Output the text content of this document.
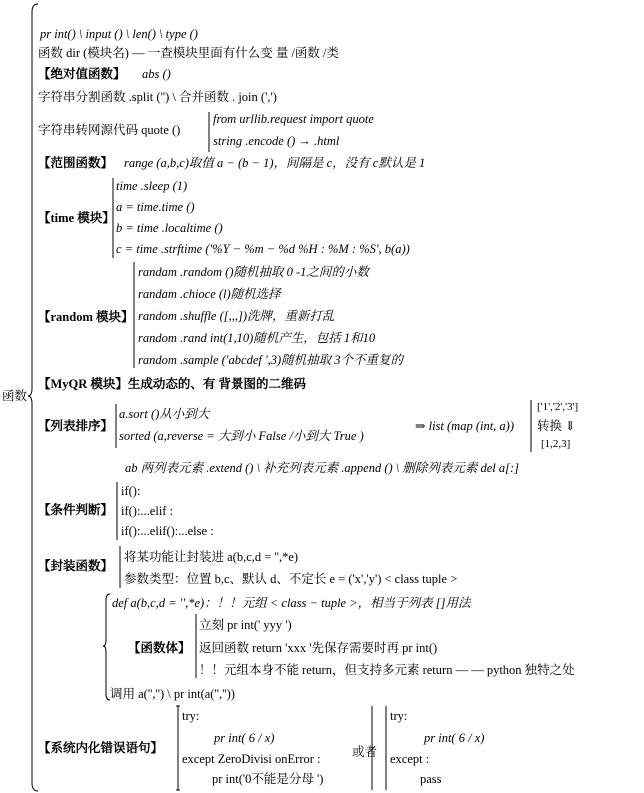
函数
pr int() \ input () \ len() \ type ()
函数 dir (模块名) — 一查模块里面有什么变 量 /函数 /类
【绝对值函数】 abs ()
字符串分割函数 .split ('') \ 合并函数 . join (',')
字符串转网源代码 quote ()
from urllib.request import quote
string .encode () → .html
【范围函数】 range (a,b,c)取值 a − (b − 1)，间隔是 c，没有 c默认是 1
【time 模块】
time .sleep (1)
a = time.time ()
b = time .localtime ()
c = time .strftime ('%Y − %m − %d %H : %M : %S', b(a))
【random 模块】
randam .random ()随机抽取 0 -1之间的小数
randam .chioce (l)随机选择
random .shuffle ([,,,])洗牌，重新打乱
random .rand int(1,10)随机产生，包括 1和10
random .sample ('abcdef ',3)随机抽取 3个不重复的
【MyQR 模块】生成动态的、有 背景图的二维码
【列表排序】
a.sort ()从小到大
sorted (a,reverse = 大到小 False /小到大 True )
⇒ list (map (int, a))
['1','2','3']
转换 ⇓
[1,2,3]
ab 两列表元素 .extend () \ 补充列表元素 .append () \ 删除列表元素 del a[:]
【条件判断】
if():
if():...elif :
if():...elif():...else :
【封装函数】
将某功能让封装进 a(b,c,d = '',*e)
参数类型：位置 b,c、默认 d、不定长 e = ('x','y') < class tuple >
def a(b,c,d = '',*e)：！！元组 < class − tuple >，相当于列表 []用法
【函数体】
立刻 pr int(' yyy ')
返回函数 return 'xxx '先保存需要时再 pr int()
！！元组本身不能 return，但支持多元素 return — — python 独特之处
调用 a('','') \ pr int(a('',''))
【系统内化错误语句】
try:
pr int( 6 / x)
except ZeroDivisi onError :
pr int('0不能是分母 ')
或者
try:
pr int( 6 / x)
except :
pass
